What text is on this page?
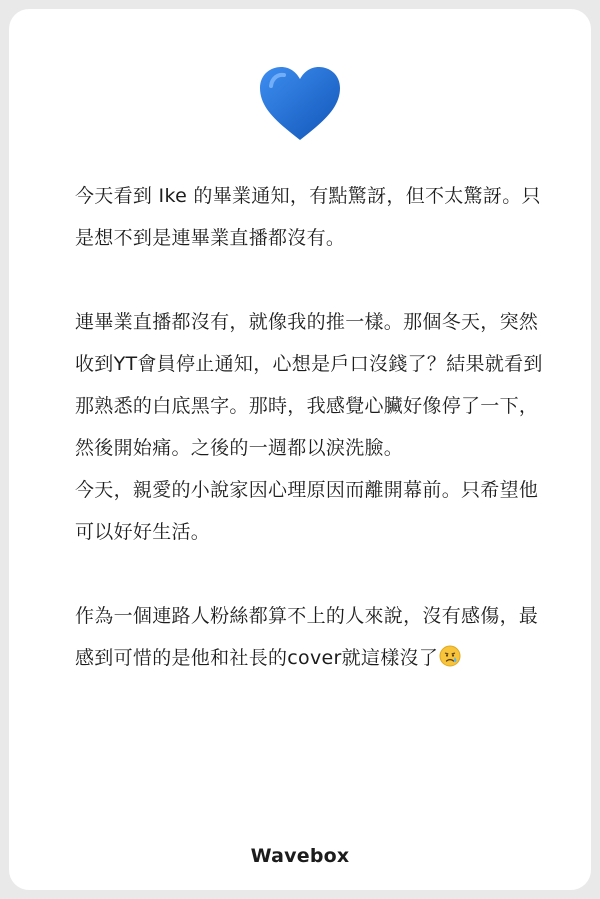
今天看到 Ike 的畢業通知，有點驚訝，但不太驚訝。只是想不到是連畢業直播都沒有。

連畢業直播都沒有，就像我的推一樣。那個冬天，突然收到YT會員停止通知，心想是戶口沒錢了？結果就看到那熟悉的白底黑字。那時，我感覺心臟好像停了一下，然後開始痛。之後的一週都以淚洗臉。
今天，親愛的小說家因心理原因而離開幕前。只希望他可以好好生活。

作為一個連路人粉絲都算不上的人來說，沒有感傷，最感到可惜的是他和社長的cover就這樣沒了

Wavebox
